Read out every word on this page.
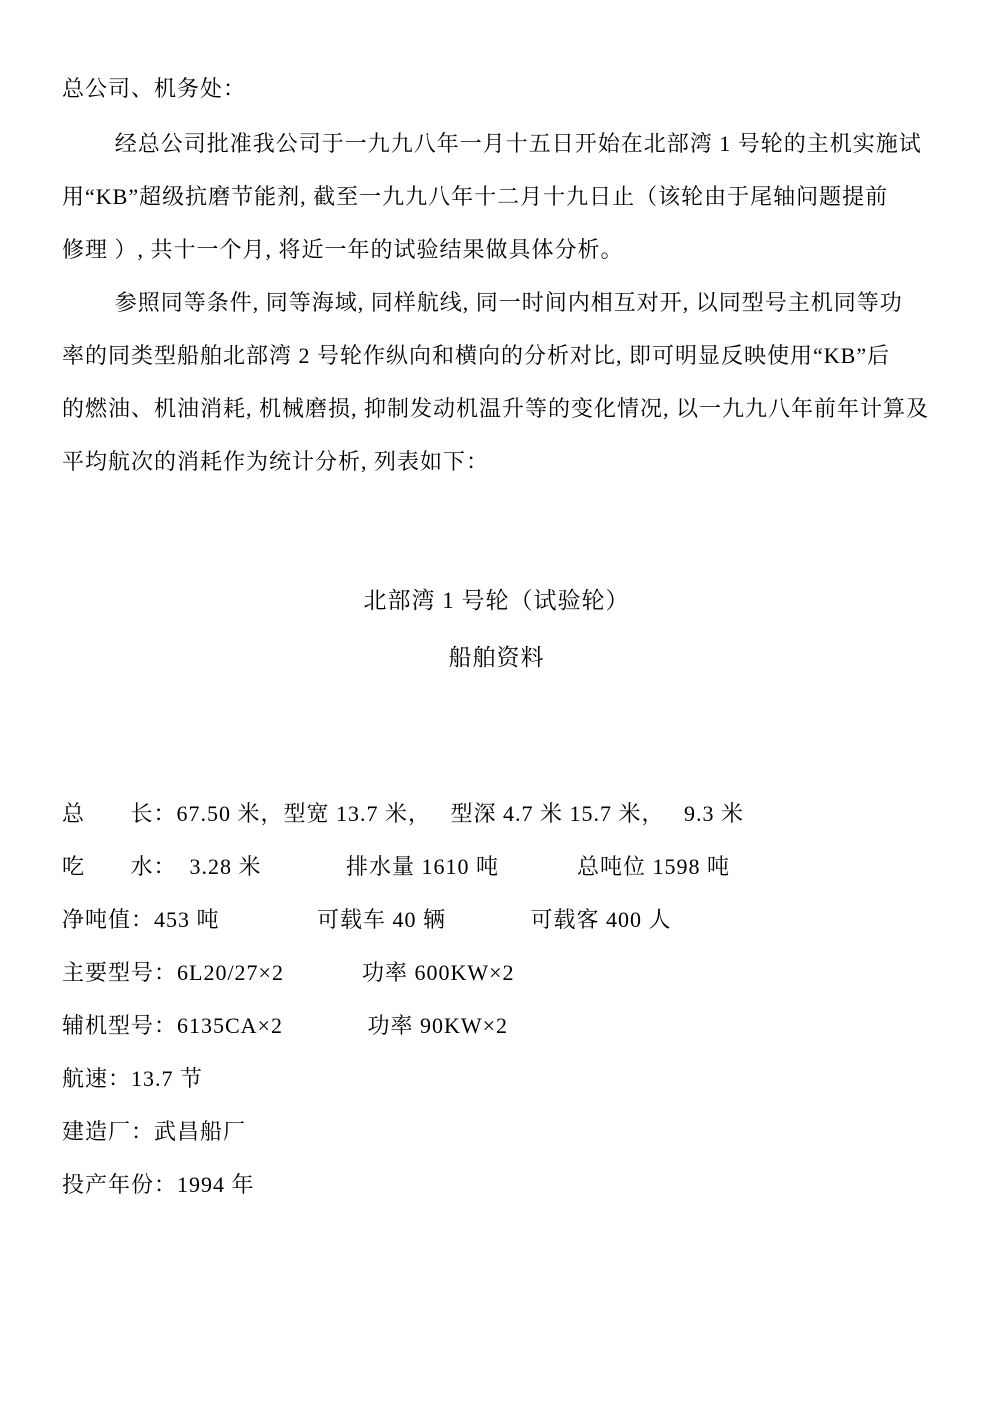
总公司、机务处：
经总公司批准我公司于一九九八年一月十五日开始在北部湾 1 号轮的主机实施试
用“KB”超级抗磨节能剂, 截至一九九八年十二月十九日止（该轮由于尾轴问题提前
修理 ）, 共十一个月, 将近一年的试验结果做具体分析。
参照同等条件, 同等海域, 同样航线, 同一时间内相互对开, 以同型号主机同等功
率的同类型船舶北部湾 2 号轮作纵向和横向的分析对比, 即可明显反映使用“KB”后
的燃油、机油消耗, 机械磨损, 抑制发动机温升等的变化情况, 以一九九八年前年计算及
平均航次的消耗作为统计分析, 列表如下：
北部湾 1 号轮（试验轮）
船舶资料
总       长：67.50 米，型宽 13.7 米，   型深 4.7 米 15.7 米，   9.3 米
吃       水：  3.28 米             排水量 1610 吨            总吨位 1598 吨
净吨值：453 吨               可载车 40 辆             可载客 400 人
主要型号：6L20/27×2            功率 600KW×2
辅机型号：6135CA×2             功率 90KW×2
航速：13.7 节
建造厂：武昌船厂
投产年份：1994 年
